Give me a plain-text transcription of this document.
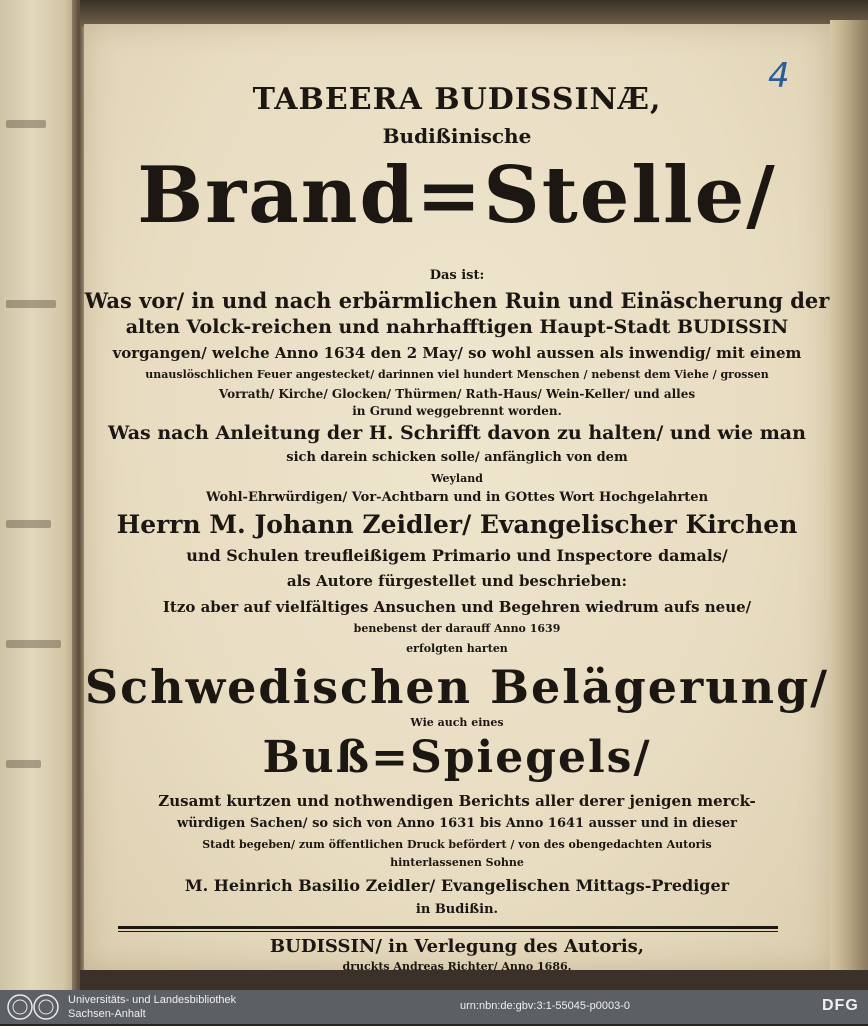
4
TABEERA BUDISSINÆ,
Budißinische
Brand=Stelle/
Das ist:
Was vor/ in und nach erbärmlichen Ruin und Einäscherung der
alten Volck-reichen und nahrhafftigen Haupt-Stadt BUDISSIN
vorgangen/ welche Anno 1634 den 2 May/ so wohl aussen als inwendig/ mit einem
unauslöschlichen Feuer angestecket/ darinnen viel hundert Menschen / nebenst dem Viehe / grossen
Vorrath/ Kirche/ Glocken/ Thürmen/ Rath-Haus/ Wein-Keller/ und alles
in Grund weggebrennt worden.
Was nach Anleitung der H. Schrifft davon zu halten/ und wie man
sich darein schicken solle/ anfänglich von dem
Weyland
Wohl-Ehrwürdigen/ Vor-Achtbarn und in GOttes Wort Hochgelahrten
Herrn M. Johann Zeidler/ Evangelischer Kirchen
und Schulen treufleißigem Primario und Inspectore damals/
als Autore fürgestellet und beschrieben:
Itzo aber auf vielfältiges Ansuchen und Begehren wiedrum aufs neue/
benebenst der darauff Anno 1639
erfolgten harten
Schwedischen Belägerung/
Wie auch eines
Buß=Spiegels/
Zusamt kurtzen und nothwendigen Berichts aller derer jenigen merck-
würdigen Sachen/ so sich von Anno 1631 bis Anno 1641 ausser und in dieser
Stadt begeben/ zum öffentlichen Druck befördert / von des obengedachten Autoris
hinterlassenen Sohne
M. Heinrich Basilio Zeidler/ Evangelischen Mittags-Prediger
in Budißin.
BUDISSIN/ in Verlegung des Autoris,
druckts Andreas Richter/ Anno 1686.
Universitäts- und Landesbibliothek
Sachsen-Anhalt
urn:nbn:de:gbv:3:1-55045-p0003-0	DFG
